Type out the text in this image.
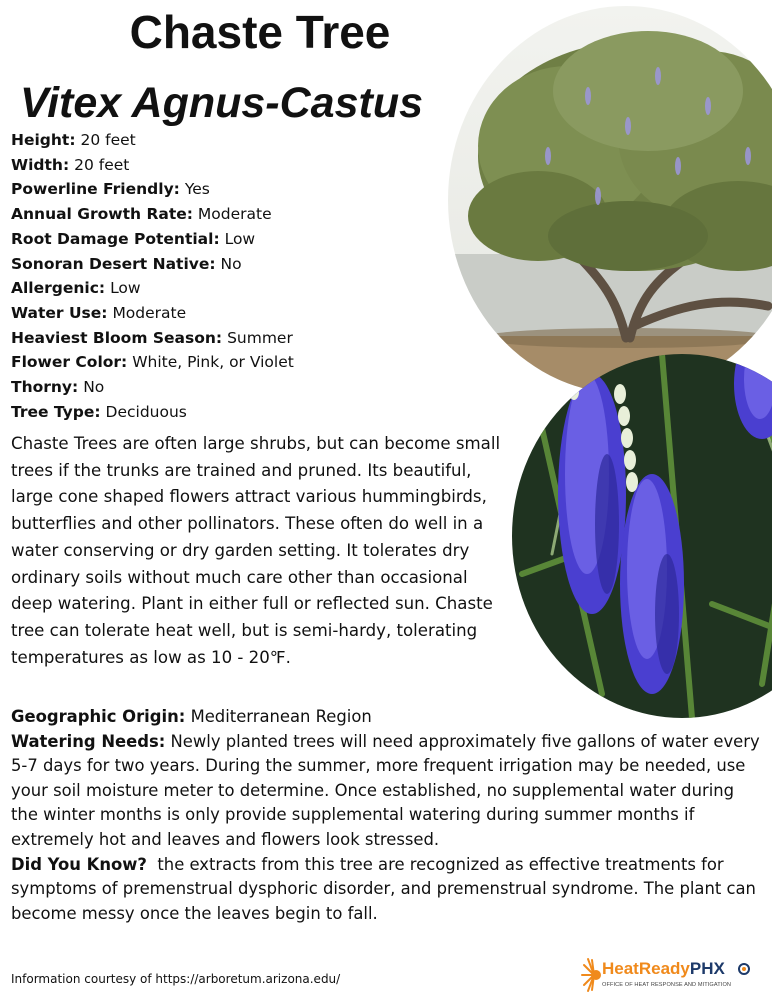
Chaste Tree
Vitex Agnus-Castus
Height: 20 feet
Width: 20 feet
Powerline Friendly: Yes
Annual Growth Rate: Moderate
Root Damage Potential: Low
Sonoran Desert Native: No
Allergenic: Low
Water Use: Moderate
Heaviest Bloom Season: Summer
Flower Color: White, Pink, or Violet
Thorny: No
Tree Type: Deciduous

Chaste Trees are often large shrubs, but can become small trees if the trunks are trained and pruned. Its beautiful, large cone shaped flowers attract various hummingbirds, butterflies and other pollinators. These often do well in a water conserving or dry garden setting. It tolerates dry ordinary soils without much care other than occasional deep watering. Plant in either full or reflected sun. Chaste tree can tolerate heat well, but is semi-hardy, tolerating temperatures as low as 10 - 20℉.

Geographic Origin: Mediterranean Region

Watering Needs: Newly planted trees will need approximately five gallons of water every 5-7 days for two years. During the summer, more frequent irrigation may be needed, use your soil moisture meter to determine. Once established, no supplemental water during the winter months is only provide supplemental watering during summer months if extremely hot and leaves and flowers look stressed.

Did You Know? the extracts from this tree are recognized as effective treatments for symptoms of premenstrual dysphoric disorder, and premenstrual syndrome. The plant can become messy once the leaves begin to fall.

Information courtesy of https://arboretum.arizona.edu/

HeatReadyPHX
OFFICE OF HEAT RESPONSE AND MITIGATION
